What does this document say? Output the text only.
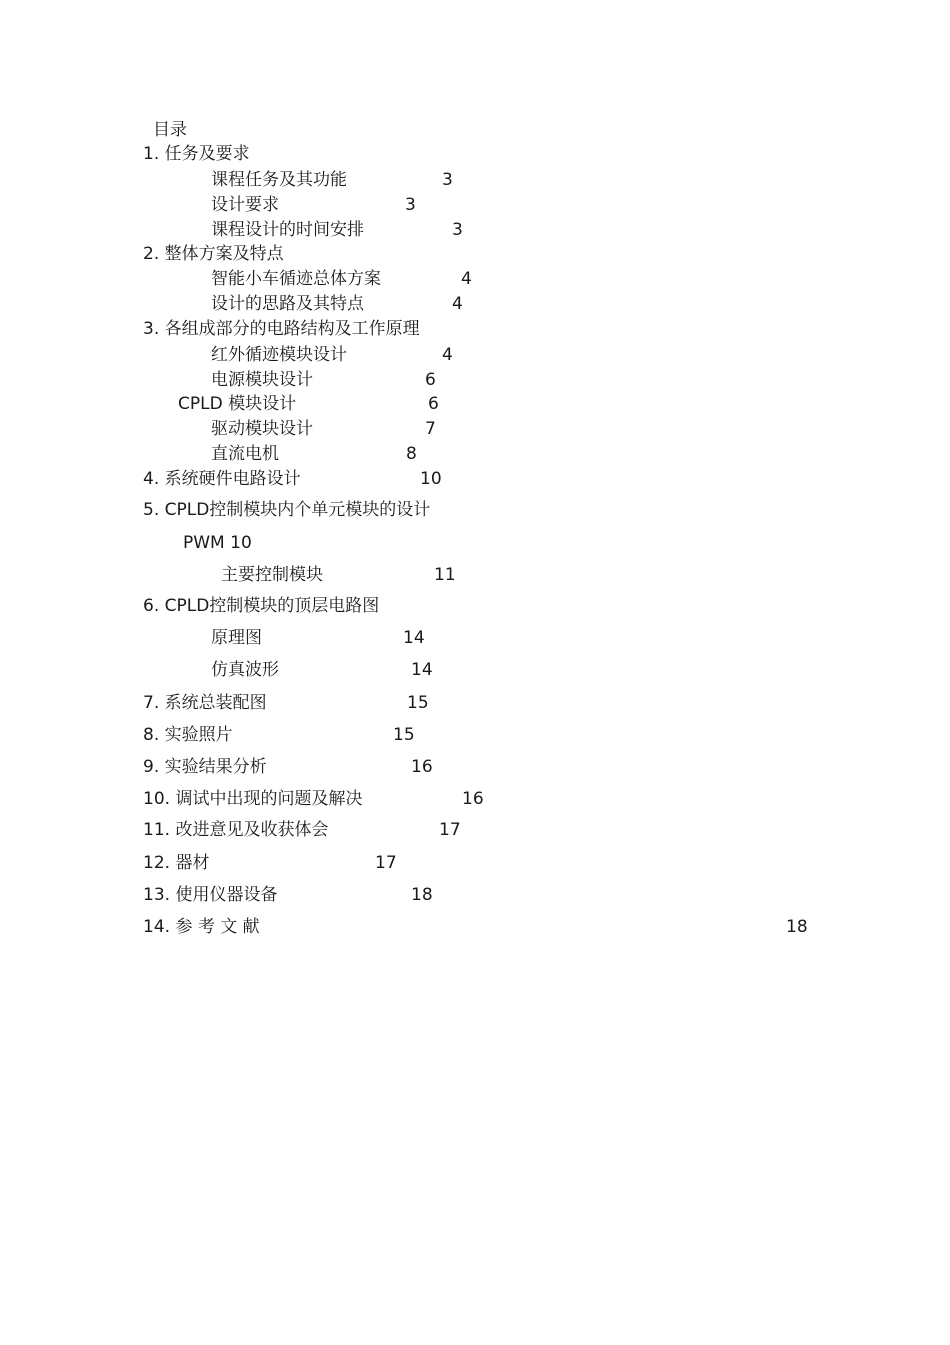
目录
1. 任务及要求
课程任务及其功能	3
设计要求	3
课程设计的时间安排	3
2. 整体方案及特点
智能小车循迹总体方案	4
设计的思路及其特点	4
3. 各组成部分的电路结构及工作原理
红外循迹模块设计	4
电源模块设计	6
CPLD 模块设计	6
驱动模块设计	7
直流电机	8
4. 系统硬件电路设计	10
5. CPLD控制模块内个单元模块的设计
PWM 10
主要控制模块	11
6. CPLD控制模块的顶层电路图
原理图	14
仿真波形	14
7. 系统总装配图	15
8. 实验照片	15
9. 实验结果分析	16
10. 调试中出现的问题及解决	16
11. 改进意见及收获体会	17
12. 器材	17
13. 使用仪器设备	18
14. 参 考 文 献	18
